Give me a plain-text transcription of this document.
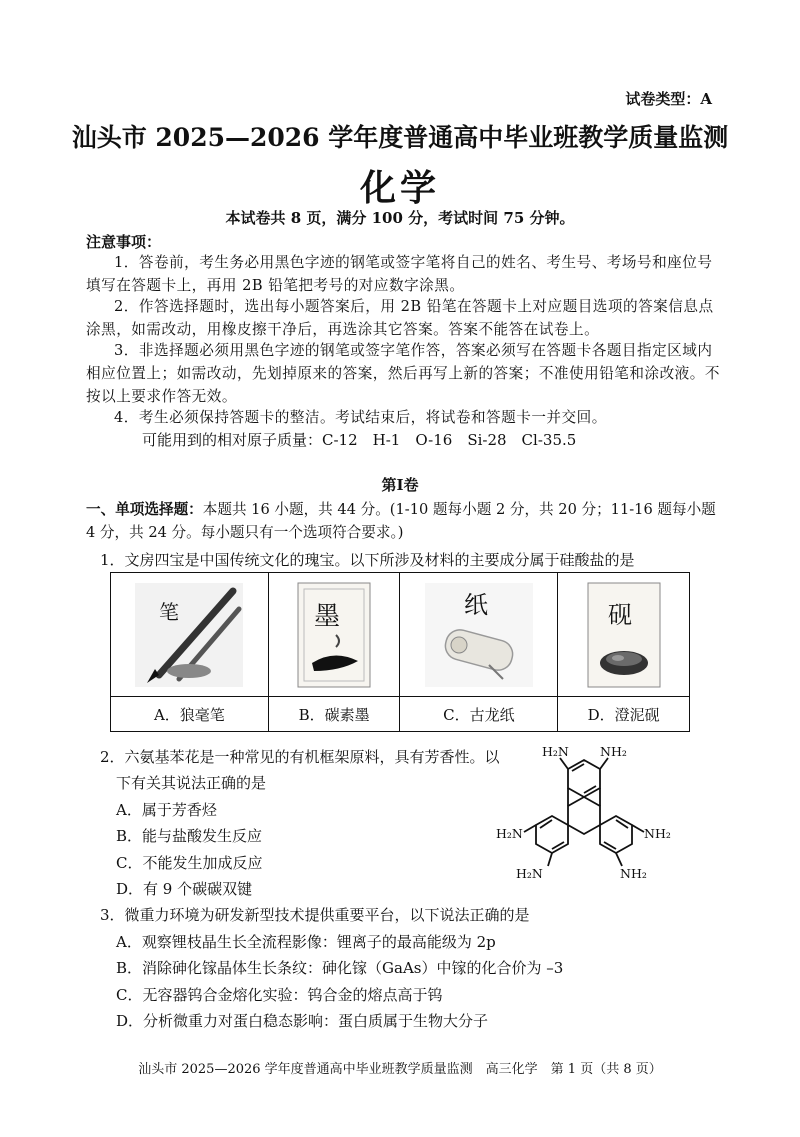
试卷类型：A
汕头市 2025—2026 学年度普通高中毕业班教学质量监测
化学
本试卷共 8 页，满分 100 分，考试时间 75 分钟。
注意事项：
1．答卷前，考生务必用黑色字迹的钢笔或签字笔将自己的姓名、考生号、考场号和座位号填写在答题卡上，再用 2B 铅笔把考号的对应数字涂黑。
2．作答选择题时，选出每小题答案后，用 2B 铅笔在答题卡上对应题目选项的答案信息点涂黑，如需改动，用橡皮擦干净后，再选涂其它答案。答案不能答在试卷上。
3．非选择题必须用黑色字迹的钢笔或签字笔作答，答案必须写在答题卡各题目指定区域内相应位置上；如需改动，先划掉原来的答案，然后再写上新的答案；不准使用铅笔和涂改液。不按以上要求作答无效。
4．考生必须保持答题卡的整洁。考试结束后，将试卷和答题卡一并交回。
可能用到的相对原子质量：C-12　H-1　O-16　Si-28　Cl-35.5
第Ⅰ卷
一、单项选择题：本题共 16 小题，共 44 分。(1-10 题每小题 2 分，共 20 分；11-16 题每小题 4 分，共 24 分。每小题只有一个选项符合要求。)
1．文房四宝是中国传统文化的瑰宝。以下所涉及材料的主要成分属于硅酸盐的是
笔	墨	纸	砚

A．狼毫笔	B．碳素墨	C．古龙纸	D．澄泥砚
2．六氨基苯花是一种常见的有机框架原料，具有芳香性。以
下有关其说法正确的是
A．属于芳香烃
B．能与盐酸发生反应
C．不能发生加成反应
D．有 9 个碳碳双键
H₂N NH₂
H₂N	NH₂
H₂N	NH₂
3．微重力环境为研发新型技术提供重要平台，以下说法正确的是
A．观察锂枝晶生长全流程影像：锂离子的最高能级为 2p
B．消除砷化镓晶体生长条纹：砷化镓（GaAs）中镓的化合价为 –3
C．无容器钨合金熔化实验：钨合金的熔点高于钨
D．分析微重力对蛋白稳态影响：蛋白质属于生物大分子
汕头市 2025—2026 学年度普通高中毕业班教学质量监测　高三化学　第 1 页（共 8 页）
